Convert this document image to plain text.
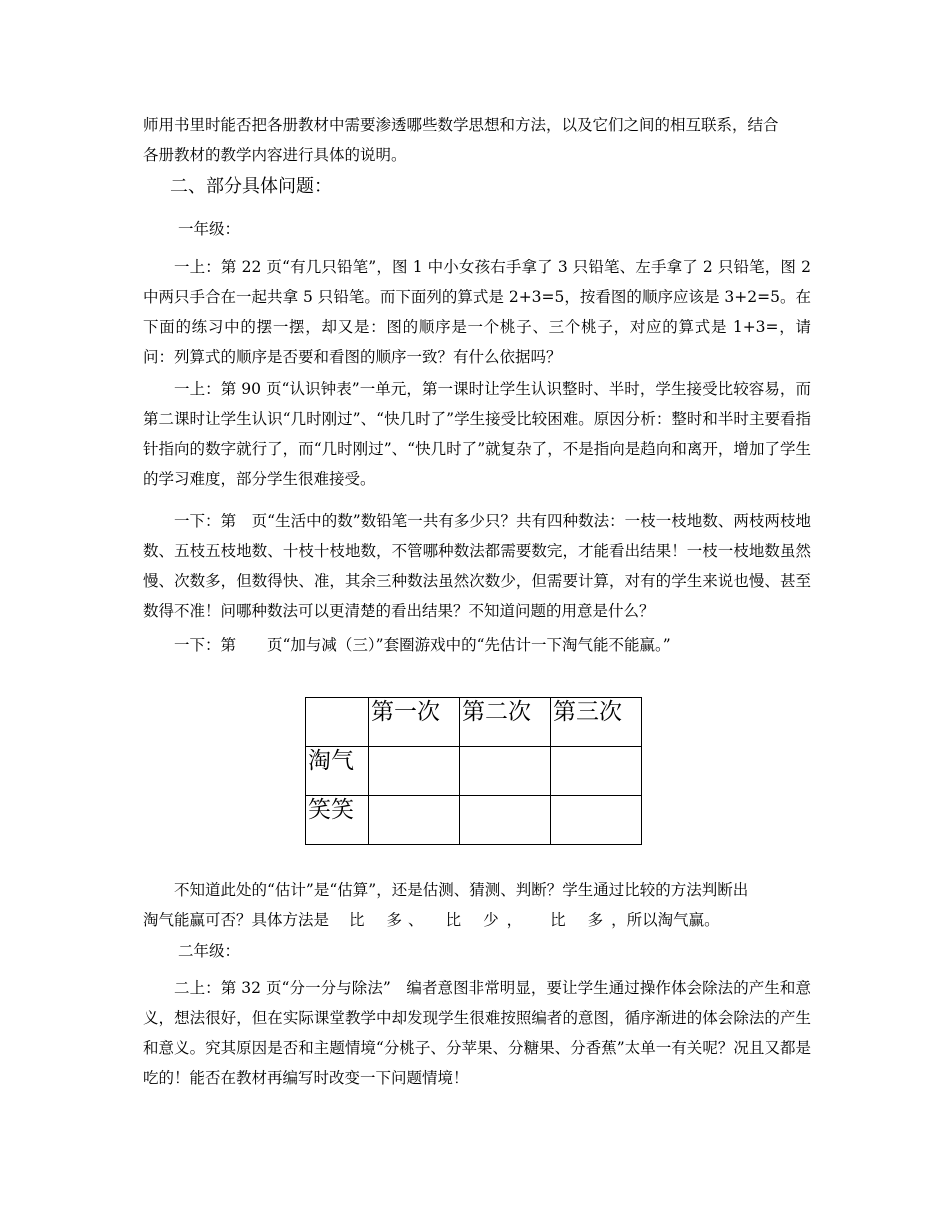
师用书里时能否把各册教材中需要渗透哪些数学思想和方法，以及它们之间的相互联系，结合
各册教材的教学内容进行具体的说明。

二、部分具体问题：

一年级：

一上：第 22 页“有几只铅笔”，图 1 中小女孩右手拿了 3 只铅笔、左手拿了 2 只铅笔，图 2 中两只手合在一起共拿 5 只铅笔。而下面列的算式是 2+3=5，按看图的顺序应该是 3+2=5。在下面的练习中的摆一摆，却又是：图的顺序是一个桃子、三个桃子，对应的算式是 1+3=，请问：列算式的顺序是否要和看图的顺序一致？有什么依据吗？

一上：第 90 页“认识钟表”一单元，第一课时让学生认识整时、半时，学生接受比较容易，而第二课时让学生认识“几时刚过”、“快几时了”学生接受比较困难。原因分析：整时和半时主要看指针指向的数字就行了，而“几时刚过”、“快几时了”就复杂了，不是指向是趋向和离开，增加了学生的学习难度，部分学生很难接受。

一下：第　页“生活中的数”数铅笔一共有多少只？共有四种数法：一枝一枝地数、两枝两枝地数、五枝五枝地数、十枝十枝地数，不管哪种数法都需要数完，才能看出结果！一枝一枝地数虽然慢、次数多，但数得快、准，其余三种数法虽然次数少，但需要计算，对有的学生来说也慢、甚至数得不准！问哪种数法可以更清楚的看出结果？不知道问题的用意是什么？

一下：第　　页“加与减（三）”套圈游戏中的“先估计一下淘气能不能赢。”

	第一次	第二次	第三次
淘气			
笑笑			

不知道此处的“估计”是“估算”，还是估测、猜测、判断？学生通过比较的方法判断出
淘气能赢可否？具体方法是 比 多 、 比 少 ， 比 多 ，所以淘气赢。

二年级：

二上：第 32 页“分一分与除法”　编者意图非常明显，要让学生通过操作体会除法的产生和意义，想法很好，但在实际课堂教学中却发现学生很难按照编者的意图，循序渐进的体会除法的产生和意义。究其原因是否和主题情境“分桃子、分苹果、分糖果、分香蕉”太单一有关呢？况且又都是吃的！能否在教材再编写时改变一下问题情境！
